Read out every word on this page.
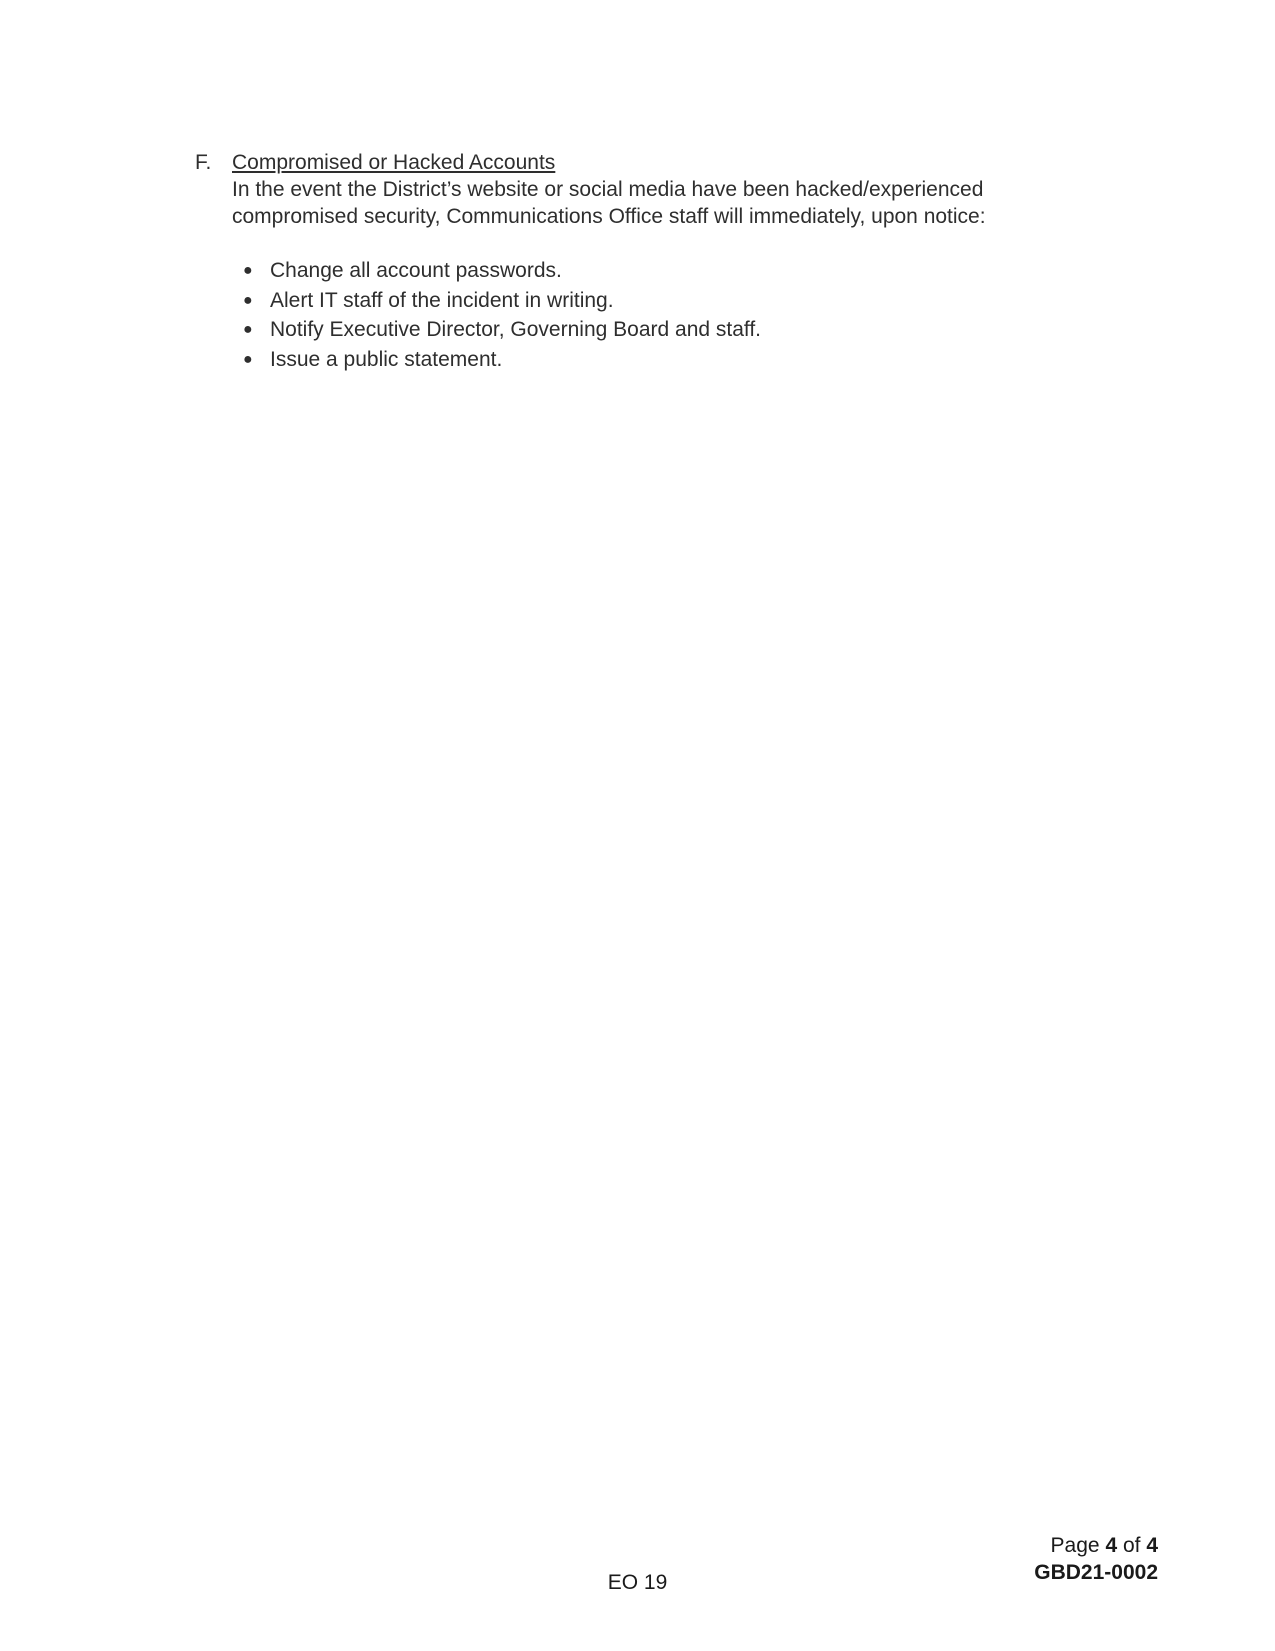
F. Compromised or Hacked Accounts
In the event the District’s website or social media have been hacked/experienced
compromised security, Communications Office staff will immediately, upon notice:
● Change all account passwords.
● Alert IT staff of the incident in writing.
● Notify Executive Director, Governing Board and staff.
● Issue a public statement.
Page 4 of 4
GBD21-0002
EO 19
